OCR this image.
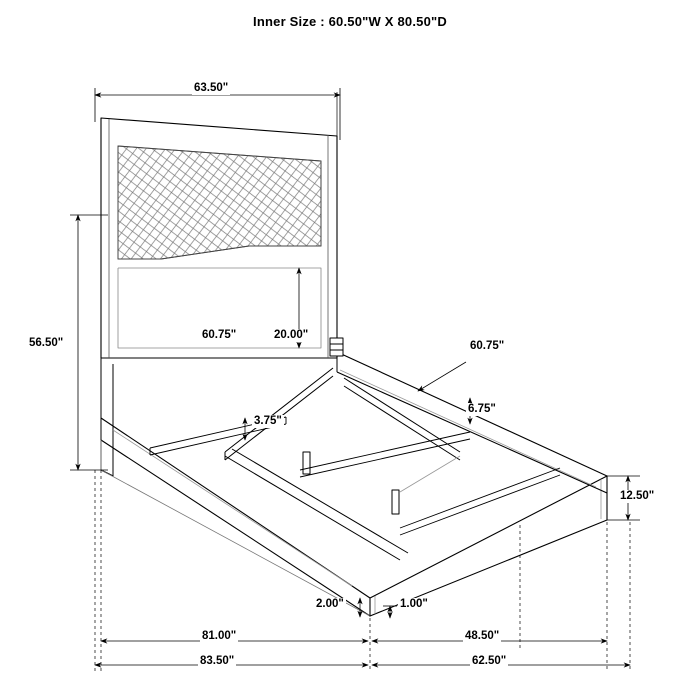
Inner Size : 60.50"W X 80.50"D
63.50"
56.50"
60.75"	20.00"
60.75"
6.75"
3.75"
12.50"
2.00"	1.00"
81.00"	48.50"
83.50"	62.50"
